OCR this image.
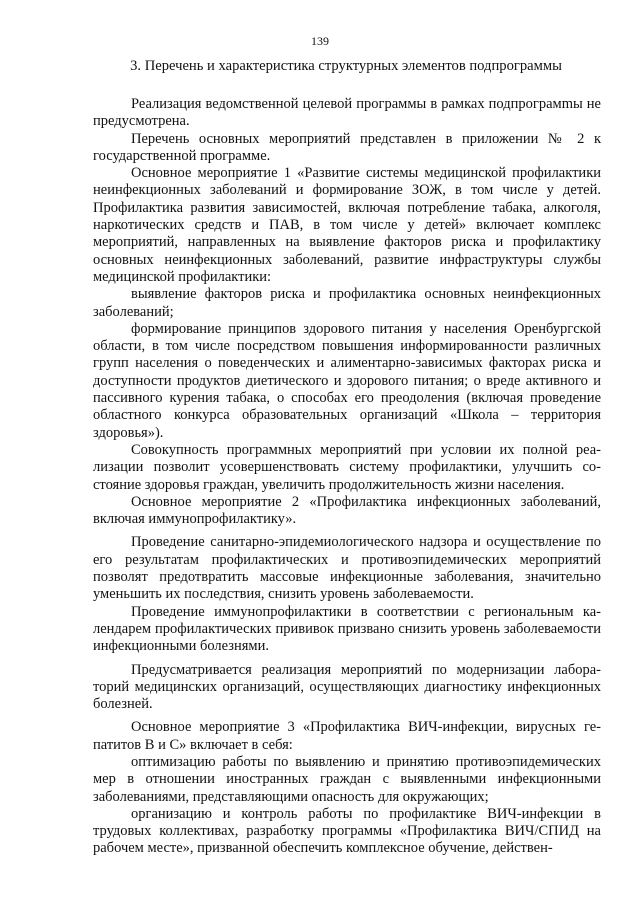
139
3. Перечень и характеристика структурных элементов подпрограммы

Реализация ведомственной целевой программы в рамках подпрограмmы не предусмотрена.

Перечень основных мероприятий представлен в приложении № 2 к государственной программе.

Основное мероприятие 1 «Развитие системы медицинской профилактики неинфекционных заболеваний и формирование ЗОЖ, в том числе у детей. Профилактика развития зависимостей, включая потребление табака, алкоголя, наркотических средств и ПАВ, в том числе у детей» включает комплекс мероприятий, направленных на выявление факторов риска и профилактику основных неинфекционных заболеваний, развитие инфраструктуры службы медицинской профилактики:

выявление факторов риска и профилактика основных неинфекционных заболеваний;

формирование принципов здорового питания у населения Оренбургской области, в том числе посредством повышения информированности различных групп населения о поведенческих и алиментарно-зависимых факторах риска и доступности продуктов диетического и здорового питания; о вреде активного и пассивного курения табака, о способах его преодоления (включая проведение областного конкурса образовательных организаций «Школа – территория здоровья»).

Совокупность программных мероприятий при условии их полной реализации позволит усовершенствовать систему профилактики, улучшить состояние здоровья граждан, увеличить продолжительность жизни населения.

Основное мероприятие 2 «Профилактика инфекционных заболеваний, включая иммунопрофилактику».

Проведение санитарно-эпидемиологического надзора и осуществление по его результатам профилактических и противоэпидемических мероприятий позволят предотвратить массовые инфекционные заболевания, значительно уменьшить их последствия, снизить уровень заболеваемости.

Проведение иммунопрофилактики в соответствии с региональным календарем профилактических прививок призвано снизить уровень заболеваемости инфекционными болезнями.

Предусматривается реализация мероприятий по модернизации лабораторий медицинских организаций, осуществляющих диагностику инфекционных болезней.

Основное мероприятие 3 «Профилактика ВИЧ-инфекции, вирусных гепатитов В и С» включает в себя:

оптимизацию работы по выявлению и принятию противоэпидемических мер в отношении иностранных граждан с выявленными инфекционными заболеваниями, представляющими опасность для окружающих;

организацию и контроль работы по профилактике ВИЧ-инфекции в трудовых коллективах, разработку программы «Профилактика ВИЧ/СПИД на рабочем месте», призванной обеспечить комплексное обучение, действен-
